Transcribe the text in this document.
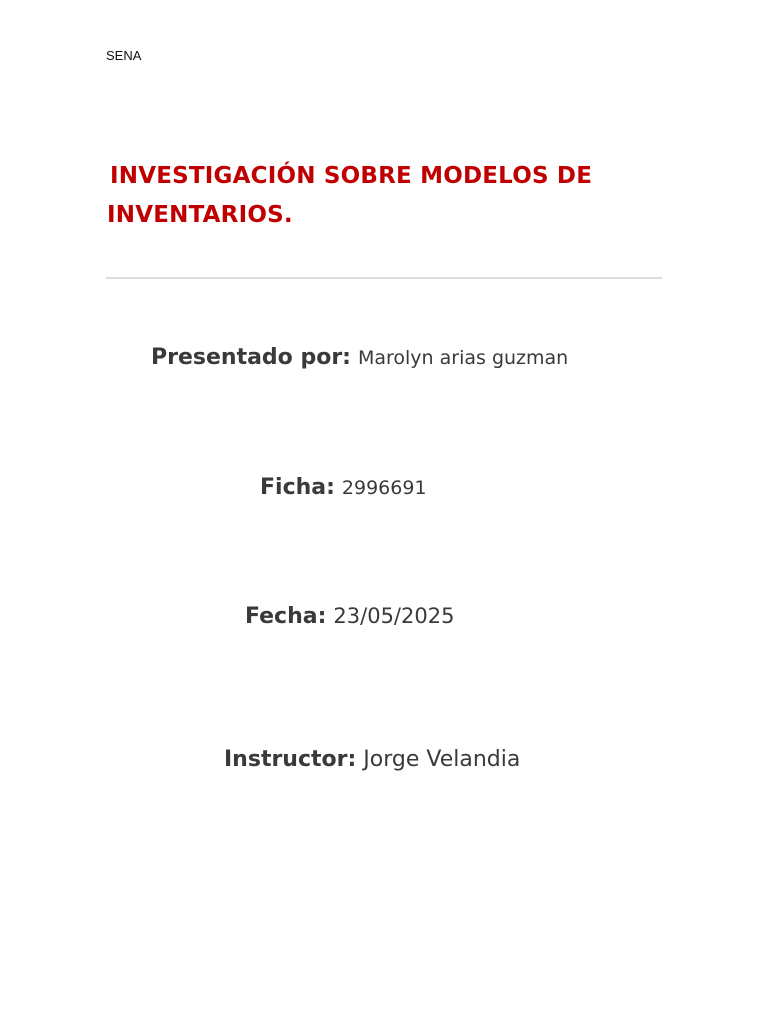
SENA
INVESTIGACIÓN SOBRE MODELOS DE
INVENTARIOS.
Presentado por: Marolyn arias guzman
Ficha: 2996691
Fecha: 23/05/2025
Instructor: Jorge Velandia
